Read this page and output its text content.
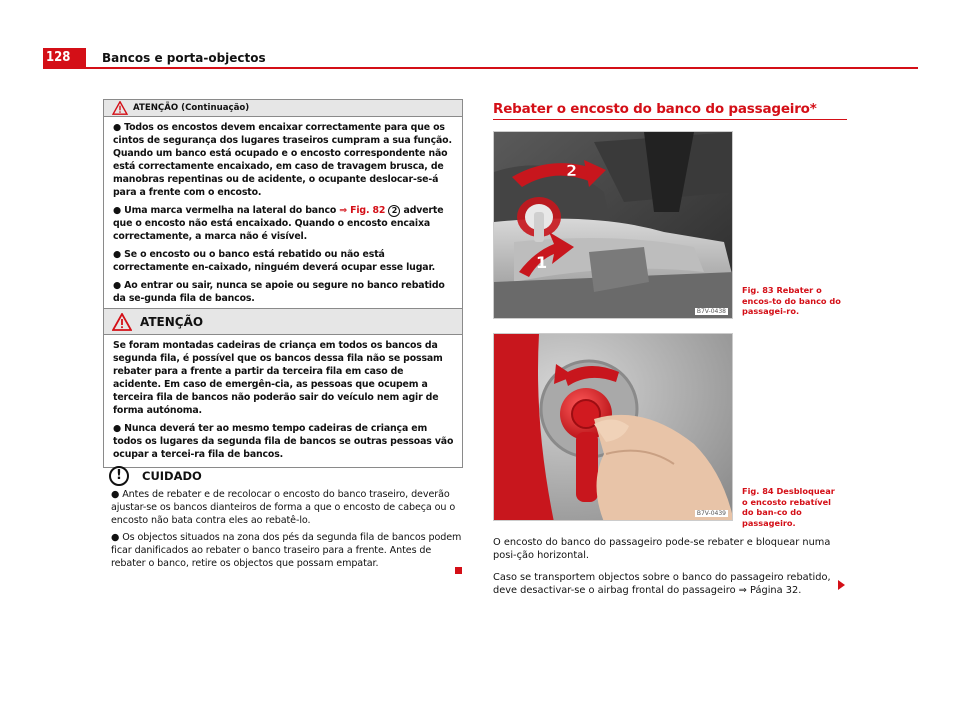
128	Bancos e porta-objectos
ATENÇÃO (Continuação)

● Todos os encostos devem encaixar correctamente para que os cintos de segurança dos lugares traseiros cumpram a sua função. Quando um banco está ocupado e o encosto correspondente não está correctamente encaixado, em caso de travagem brusca, de manobras repentinas ou de acidente, o ocupante deslocar-se-á para a frente com o encosto.

● Uma marca vermelha na lateral do banco ⇒ Fig. 82 2 adverte que o encosto não está encaixado. Quando o encosto encaixa correctamente, a marca não é visível.

● Se o encosto ou o banco está rebatido ou não está correctamente en-caixado, ninguém deverá ocupar esse lugar.

● Ao entrar ou sair, nunca se apoie ou segure no banco rebatido da se-gunda fila de bancos.

ATENÇÃO

Se foram montadas cadeiras de criança em todos os bancos da segunda fila, é possível que os bancos dessa fila não se possam rebater para a frente a partir da terceira fila em caso de acidente. Em caso de emergên-cia, as pessoas que ocupem a terceira fila de bancos não poderão sair do veículo nem agir de forma autónoma.

● Nunca deverá ter ao mesmo tempo cadeiras de criança em todos os lugares da segunda fila de bancos se outras pessoas vão ocupar a tercei-ra fila de bancos.

!	CUIDADO

● Antes de rebater e de recolocar o encosto do banco traseiro, deverão ajustar-se os bancos dianteiros de forma a que o encosto de cabeça ou o encosto não bata contra eles ao rebatê-lo.

● Os objectos situados na zona dos pés da segunda fila de bancos podem ficar danificados ao rebater o banco traseiro para a frente. Antes de rebater o banco, retire os objectos que possam empatar.

Rebater o encosto do banco do passageiro*
2
1
B7V-0438
Fig. 83 Rebater o encos-to do banco do passagei-ro.
B7V-0439
Fig. 84 Desbloquear o encosto rebatível do ban-co do passageiro.
O encosto do banco do passageiro pode-se rebater e bloquear numa posi-ção horizontal.
Caso se transportem objectos sobre o banco do passageiro rebatido, deve desactivar-se o airbag frontal do passageiro ⇒ Página 32.
